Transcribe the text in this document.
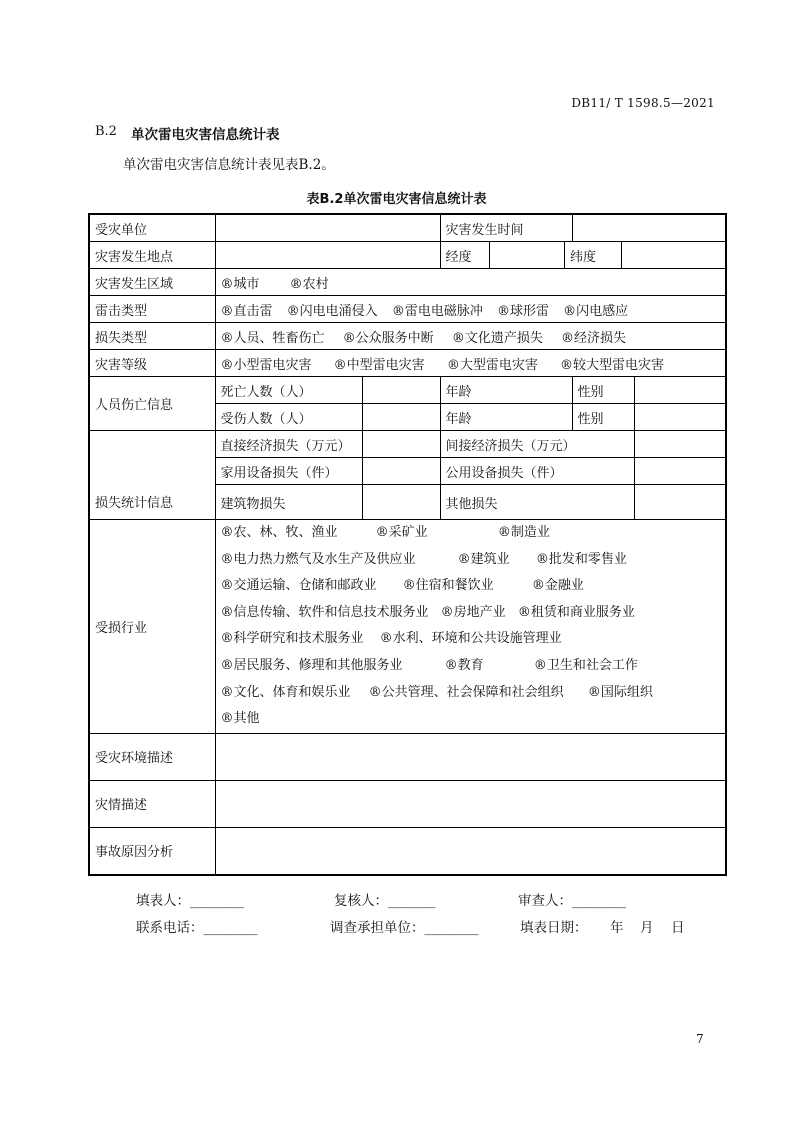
DB11/ T 1598.5—2021
B.2 单次雷电灾害信息统计表
单次雷电灾害信息统计表见表B.2。
表B.2单次雷电灾害信息统计表
受灾单位		灾害发生时间	
灾害发生地点			经度		纬度	

灾害发生区域	®城市 ®农村
雷击类型	®直击雷 ®闪电电涌侵入 ®雷电电磁脉冲 ®球形雷 ®闪电感应
损失类型	®人员、牲畜伤亡 ®公众服务中断 ®文化遗产损失 ®经济损失
灾害等级	®小型雷电灾害 ®中型雷电灾害 ®大型雷电灾害 ®较大型雷电灾害
人员伤亡信息	死亡人数（人）		年龄	性别	
受伤人数（人）		年龄	性别	
损失统计信息	直接经济损失（万元）		间接经济损失（万元）	
家用设备损失（件）		公用设备损失（件）	
建筑物损失		其他损失	
受损行业	
®农、林、牧、渔业	®采矿业	®制造业
®电力热力燃气及水生产及供应业	®建筑业 ®批发和零售业
®交通运输、仓储和邮政业 ®住宿和餐饮业	®金融业
®信息传输、软件和信息技术服务业 ®房地产业 ®租赁和商业服务业
®科学研究和技术服务业 ®水利、环境和公共设施管理业
®居民服务、修理和其他服务业	®教育	®卫生和社会工作
®文化、体育和娱乐业 ®公共管理、社会保障和社会组织 ®国际组织
®其他

受灾环境描述	
灾情描述	
事故原因分析	
填表人：________	复核人：_______	审查人：________
联系电话：________	调查承担单位：________	填表日期： 年 月 日
7
